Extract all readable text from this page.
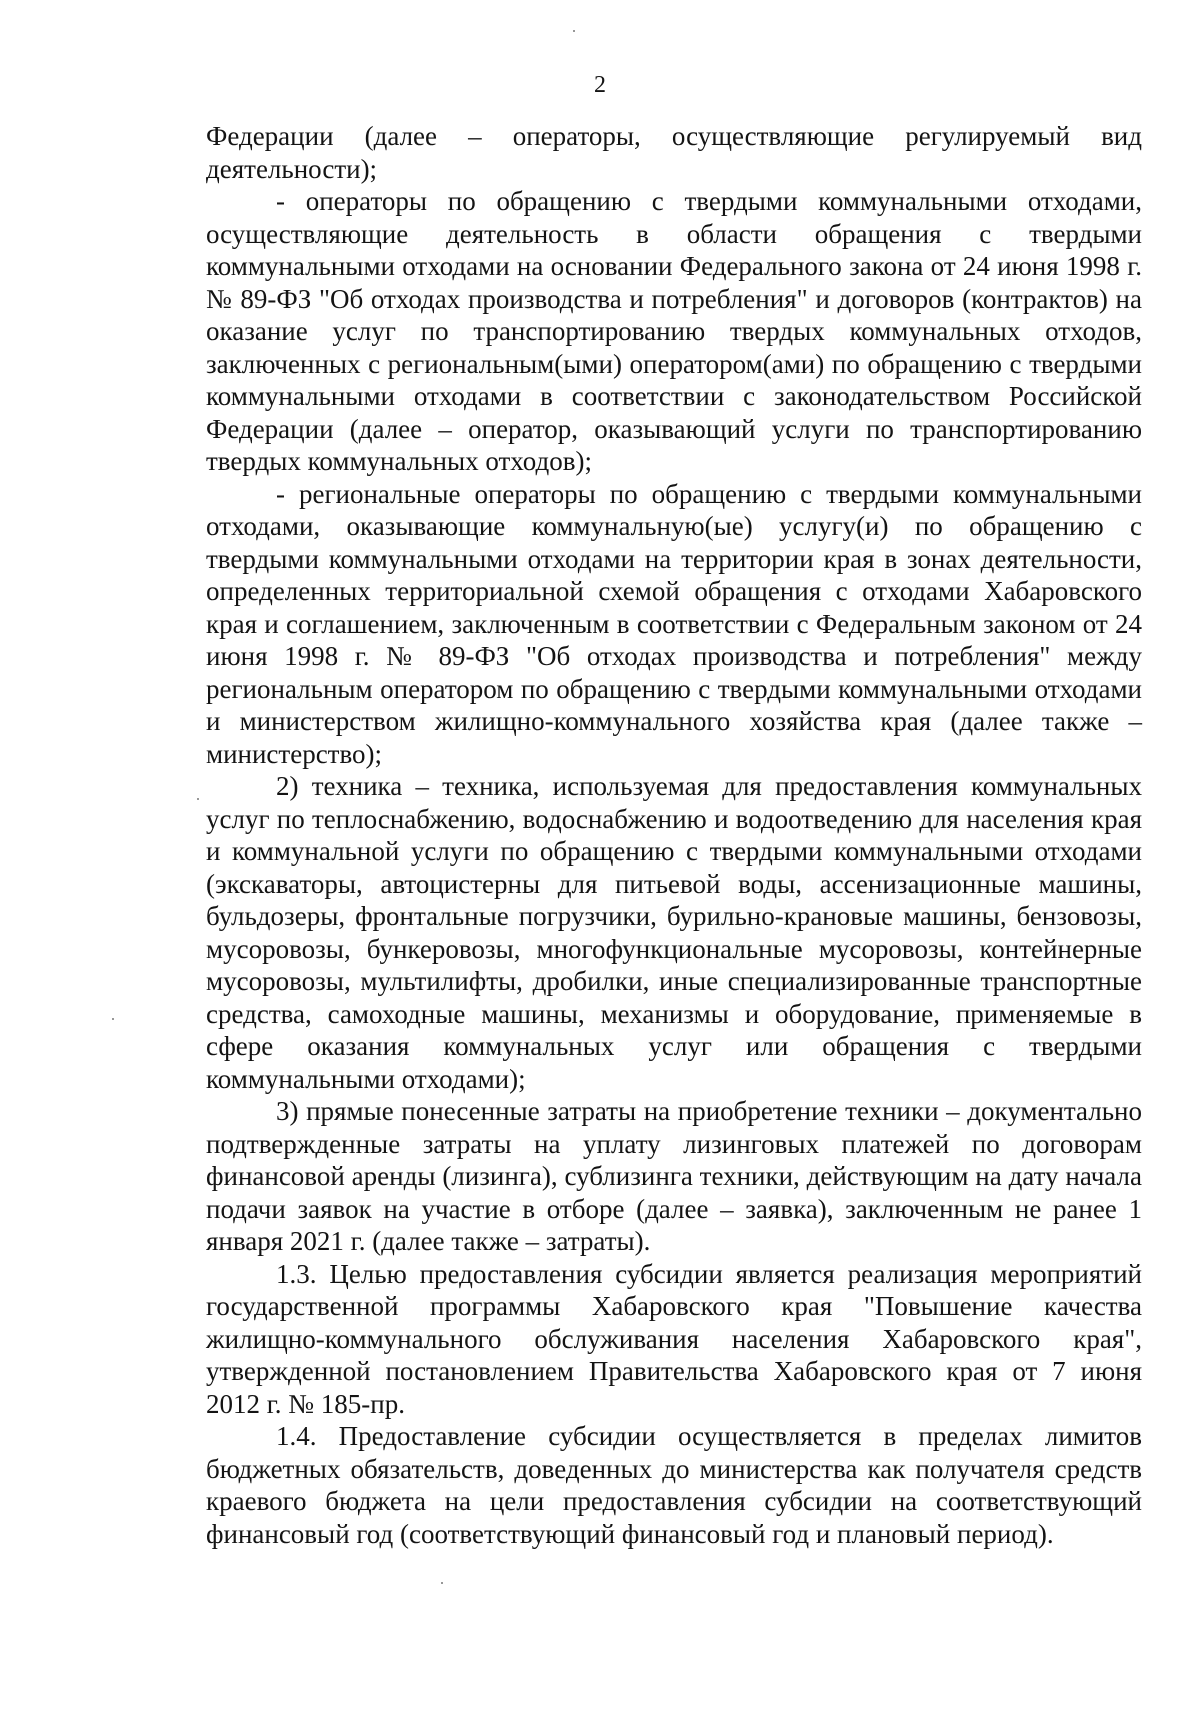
2

Федерации (далее – операторы, осуществляющие регулируемый вид деятельности);

- операторы по обращению с твердыми коммунальными отходами, осуществляющие деятельность в области обращения с твердыми коммунальными отходами на основании Федерального закона от 24 июня 1998 г. № 89-ФЗ "Об отходах производства и потребления" и договоров (контрактов) на оказание услуг по транспортированию твердых коммунальных отходов, заключенных с региональным(ыми) оператором(ами) по обращению с твердыми коммунальными отходами в соответствии с законодательством Российской Федерации (далее – оператор, оказывающий услуги по транспортированию твердых коммунальных отходов);

- региональные операторы по обращению с твердыми коммунальными отходами, оказывающие коммунальную(ые) услугу(и) по обращению с твердыми коммунальными отходами на территории края в зонах деятельности, определенных территориальной схемой обращения с отходами Хабаровского края и соглашением, заключенным в соответствии с Федеральным законом от 24 июня 1998 г. № 89-ФЗ "Об отходах производства и потребления" между региональным оператором по обращению с твердыми коммунальными отходами и министерством жилищно-коммунального хозяйства края (далее также – министерство);

2) техника – техника, используемая для предоставления коммунальных услуг по теплоснабжению, водоснабжению и водоотведению для населения края и коммунальной услуги по обращению с твердыми коммунальными отходами (экскаваторы, автоцистерны для питьевой воды, ассенизационные машины, бульдозеры, фронтальные погрузчики, бурильно-крановые машины, бензовозы, мусоровозы, бункеровозы, многофункциональные мусоровозы, контейнерные мусоровозы, мультилифты, дробилки, иные специализированные транспортные средства, самоходные машины, механизмы и оборудование, применяемые в сфере оказания коммунальных услуг или обращения с твердыми коммунальными отходами);

3) прямые понесенные затраты на приобретение техники – документально подтвержденные затраты на уплату лизинговых платежей по договорам финансовой аренды (лизинга), сублизинга техники, действующим на дату начала подачи заявок на участие в отборе (далее – заявка), заключенным не ранее 1 января 2021 г. (далее также – затраты).

1.3. Целью предоставления субсидии является реализация мероприятий государственной программы Хабаровского края "Повышение качества жилищно-коммунального обслуживания населения Хабаровского края", утвержденной постановлением Правительства Хабаровского края от 7 июня 2012 г. № 185-пр.

1.4. Предоставление субсидии осуществляется в пределах лимитов бюджетных обязательств, доведенных до министерства как получателя средств краевого бюджета на цели предоставления субсидии на соответствующий финансовый год (соответствующий финансовый год и плановый период).
